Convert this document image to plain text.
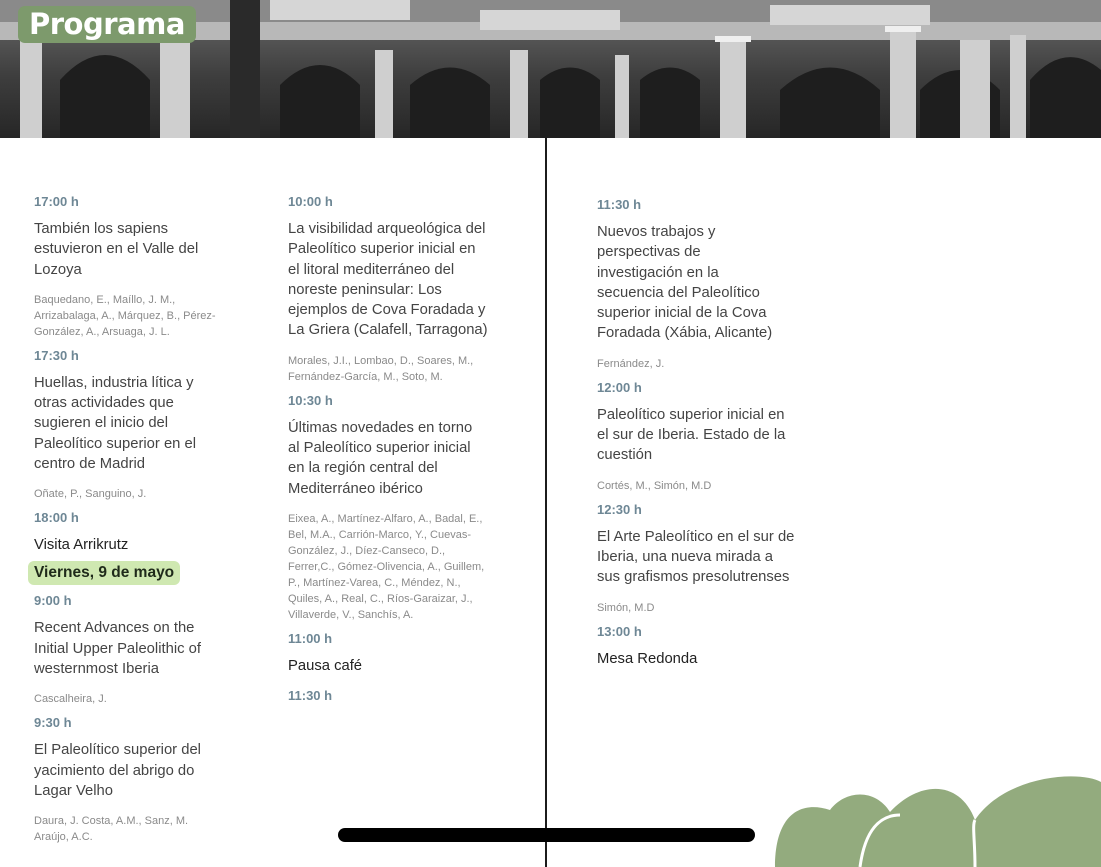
Programa
17:00 h
También los sapiens estuvieron en el Valle del Lozoya
Baquedano, E., Maíllo, J. M., Arrizabalaga, A., Márquez, B., Pérez-González, A., Arsuaga, J. L.
17:30 h
Huellas, industria lítica y otras actividades que sugieren el inicio del Paleolítico superior en el centro de Madrid
Oñate, P., Sanguino, J.
18:00 h
Visita Arrikrutz
Viernes, 9 de mayo
9:00 h
Recent Advances on the Initial Upper Paleolithic of westernmost Iberia
Cascalheira, J.
9:30 h
El Paleolítico superior del yacimiento del abrigo do Lagar Velho
Daura, J. Costa, A.M., Sanz, M. Araújo, A.C.
10:00 h
La visibilidad arqueológica del Paleolítico superior inicial en el litoral mediterráneo del noreste peninsular: Los ejemplos de Cova Foradada y La Griera (Calafell, Tarragona)
Morales, J.I., Lombao, D., Soares, M., Fernández-García, M., Soto, M.
10:30 h
Últimas novedades en torno al Paleolítico superior inicial en la región central del Mediterráneo ibérico
Eixea, A., Martínez-Alfaro, A., Badal, E., Bel, M.A., Carrión-Marco, Y., Cuevas-González, J., Díez-Canseco, D., Ferrer,C., Gómez-Olivencia, A., Guillem, P., Martínez-Varea, C., Méndez, N., Quiles, A., Real, C., Ríos-Garaizar, J., Villaverde, V., Sanchís, A.
11:00 h
Pausa café
11:30 h
11:30 h
Nuevos trabajos y perspectivas de investigación en la secuencia del Paleolítico superior inicial de la Cova Foradada (Xábia, Alicante)
Fernández, J.
12:00 h
Paleolítico superior inicial en el sur de Iberia. Estado de la cuestión
Cortés, M., Simón, M.D
12:30 h
El Arte Paleolítico en el sur de Iberia, una nueva mirada a sus grafismos presolutrenses
Simón, M.D
13:00 h
Mesa Redonda
